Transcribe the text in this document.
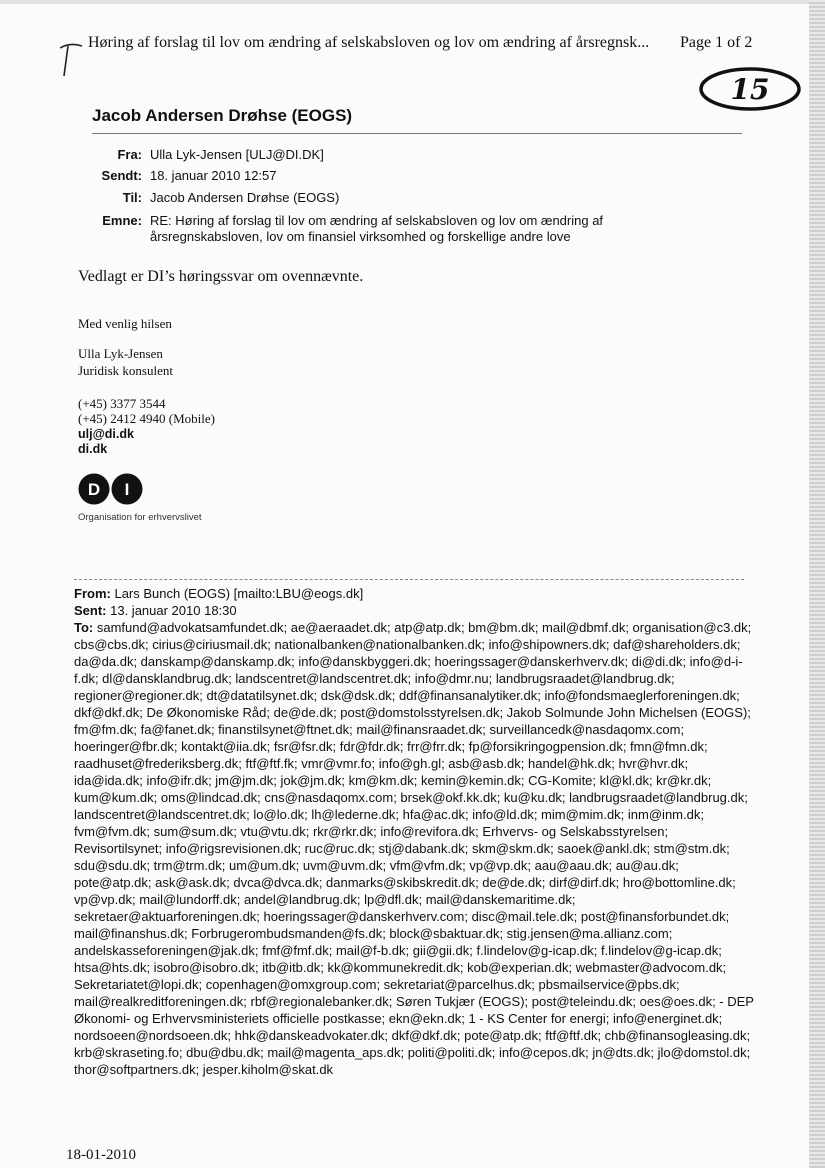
Høring af forslag til lov om ændring af selskabsloven og lov om ændring af årsregnsk... Page 1 of 2
15
Jacob Andersen Drøhse (EOGS)
Fra: Ulla Lyk-Jensen [ULJ@DI.DK]
Sendt: 18. januar 2010 12:57
Til: Jacob Andersen Drøhse (EOGS)
Emne: RE: Høring af forslag til lov om ændring af selskabsloven og lov om ændring af årsregnskabsloven, lov om finansiel virksomhed og forskellige andre love
Vedlagt er DI’s høringssvar om ovennævnte.
Med venlig hilsen
Ulla Lyk-Jensen
Juridisk konsulent
(+45) 3377 3544
(+45) 2412 4940 (Mobile)
ulj@di.dk
di.dk
D I
Organisation for erhvervslivet

From: Lars Bunch (EOGS) [mailto:LBU@eogs.dk]

Sent: 13. januar 2010 18:30

To: samfund@advokatsamfundet.dk; ae@aeraadet.dk; atp@atp.dk; bm@bm.dk; mail@dbmf.dk; organisation@c3.dk; cbs@cbs.dk; cirius@ciriusmail.dk; nationalbanken@nationalbanken.dk; info@shipowners.dk; daf@shareholders.dk; da@da.dk; danskamp@danskamp.dk; info@danskbyggeri.dk; hoeringssager@danskerhverv.dk; di@di.dk; info@d-i-f.dk; dl@dansklandbrug.dk; landscentret@landscentret.dk; info@dmr.nu; landbrugsraadet@landbrug.dk; regioner@regioner.dk; dt@datatilsynet.dk; dsk@dsk.dk; ddf@finansanalytiker.dk; info@fondsmaeglerforeningen.dk; dkf@dkf.dk; De Økonomiske Råd; de@de.dk; post@domstolsstyrelsen.dk; Jakob Solmunde John Michelsen (EOGS); fm@fm.dk; fa@fanet.dk; finanstilsynet@ftnet.dk; mail@finansraadet.dk; surveillancedk@nasdaqomx.com; hoeringer@fbr.dk; kontakt@iia.dk; fsr@fsr.dk; fdr@fdr.dk; frr@frr.dk; fp@forsikringogpension.dk; fmn@fmn.dk; raadhuset@frederiksberg.dk; ftf@ftf.fk; vmr@vmr.fo; info@gh.gl; asb@asb.dk; handel@hk.dk; hvr@hvr.dk; ida@ida.dk; info@ifr.dk; jm@jm.dk; jok@jm.dk; km@km.dk; kemin@kemin.dk; CG-Komite; kl@kl.dk; kr@kr.dk; kum@kum.dk; oms@lindcad.dk; cns@nasdaqomx.com; brsek@okf.kk.dk; ku@ku.dk; landbrugsraadet@landbrug.dk; landscentret@landscentret.dk; lo@lo.dk; lh@lederne.dk; hfa@ac.dk; info@ld.dk; mim@mim.dk; inm@inm.dk; fvm@fvm.dk; sum@sum.dk; vtu@vtu.dk; rkr@rkr.dk; info@revifora.dk; Erhvervs- og Selskabsstyrelsen; Revisortilsynet; info@rigsrevisionen.dk; ruc@ruc.dk; stj@dabank.dk; skm@skm.dk; saoek@ankl.dk; stm@stm.dk; sdu@sdu.dk; trm@trm.dk; um@um.dk; uvm@uvm.dk; vfm@vfm.dk; vp@vp.dk; aau@aau.dk; au@au.dk; pote@atp.dk; ask@ask.dk; dvca@dvca.dk; danmarks@skibskredit.dk; de@de.dk; dirf@dirf.dk; hro@bottomline.dk; vp@vp.dk; mail@lundorff.dk; andel@landbrug.dk; lp@dfl.dk; mail@danskemaritime.dk; sekretaer@aktuarforeningen.dk; hoeringssager@danskerhverv.com; disc@mail.tele.dk; post@finansforbundet.dk; mail@finanshus.dk; Forbrugerombudsmanden@fs.dk; block@sbaktuar.dk; stig.jensen@ma.allianz.com; andelskasseforeningen@jak.dk; fmf@fmf.dk; mail@f-b.dk; gii@gii.dk; f.lindelov@g-icap.dk; f.lindelov@g-icap.dk; htsa@hts.dk; isobro@isobro.dk; itb@itb.dk; kk@kommunekredit.dk; kob@experian.dk; webmaster@advocom.dk; Sekretariatet@lopi.dk; copenhagen@omxgroup.com; sekretariat@parcelhus.dk; pbsmailservice@pbs.dk; mail@realkreditforeningen.dk; rbf@regionalebanker.dk; Søren Tukjær (EOGS); post@teleindu.dk; oes@oes.dk; - DEP Økonomi- og Erhvervsministeriets officielle postkasse; ekn@ekn.dk; 1 - KS Center for energi; info@energinet.dk; nordsoeen@nordsoeen.dk; hhk@danskeadvokater.dk; dkf@dkf.dk; pote@atp.dk; ftf@ftf.dk; chb@finansogleasing.dk; krb@skraseting.fo; dbu@dbu.dk; mail@magenta_aps.dk; politi@politi.dk; info@cepos.dk; jn@dts.dk; jlo@domstol.dk; thor@softpartners.dk; jesper.kiholm@skat.dk

18-01-2010
